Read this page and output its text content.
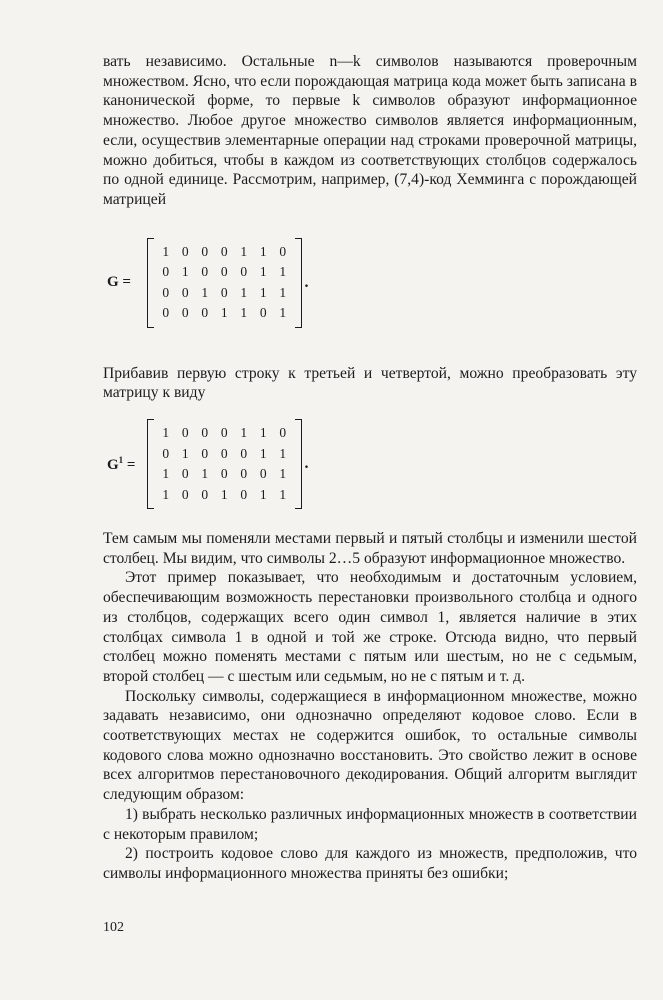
вать независимо. Остальные n—k символов называются проверочным множеством. Ясно, что если порождающая матрица кода может быть записана в канонической форме, то первые k символов образуют информационное множество. Любое другое множество символов является информационным, если, осуществив элементарные операции над строками проверочной матрицы, можно добиться, чтобы в каждом из соответствующих столбцов содержалось по одной единице. Рассмотрим, например, (7,4)-код Хемминга с порождающей матрицей

G =
1 0 0 0 1 1 0
0 1 0 0 0 1 1
0 0 1 0 1 1 1
0 0 0 1 1 0 1
.

Прибавив первую строку к третьей и четвертой, можно преобразовать эту матрицу к виду

$G^1$ =
1 0 0 0 1 1 0
0 1 0 0 0 1 1
1 0 1 0 0 0 1
1 0 0 1 0 1 1
.

Тем самым мы поменяли местами первый и пятый столбцы и изменили шестой столбец. Мы видим, что символы 2…5 образуют информационное множество.

Этот пример показывает, что необходимым и достаточным условием, обеспечивающим возможность перестановки произвольного столбца и одного из столбцов, содержащих всего один символ 1, является наличие в этих столбцах символа 1 в одной и той же строке. Отсюда видно, что первый столбец можно поменять местами с пятым или шестым, но не с седьмым, второй столбец — с шестым или седьмым, но не с пятым и т. д.

Поскольку символы, содержащиеся в информационном множестве, можно задавать независимо, они однозначно определяют кодовое слово. Если в соответствующих местах не содержится ошибок, то остальные символы кодового слова можно однозначно восстановить. Это свойство лежит в основе всех алгоритмов перестановочного декодирования. Общий алгоритм выглядит следующим образом:

1) выбрать несколько различных информационных множеств в соответствии с некоторым правилом;

2) построить кодовое слово для каждого из множеств, предположив, что символы информационного множества приняты без ошибки;

102
